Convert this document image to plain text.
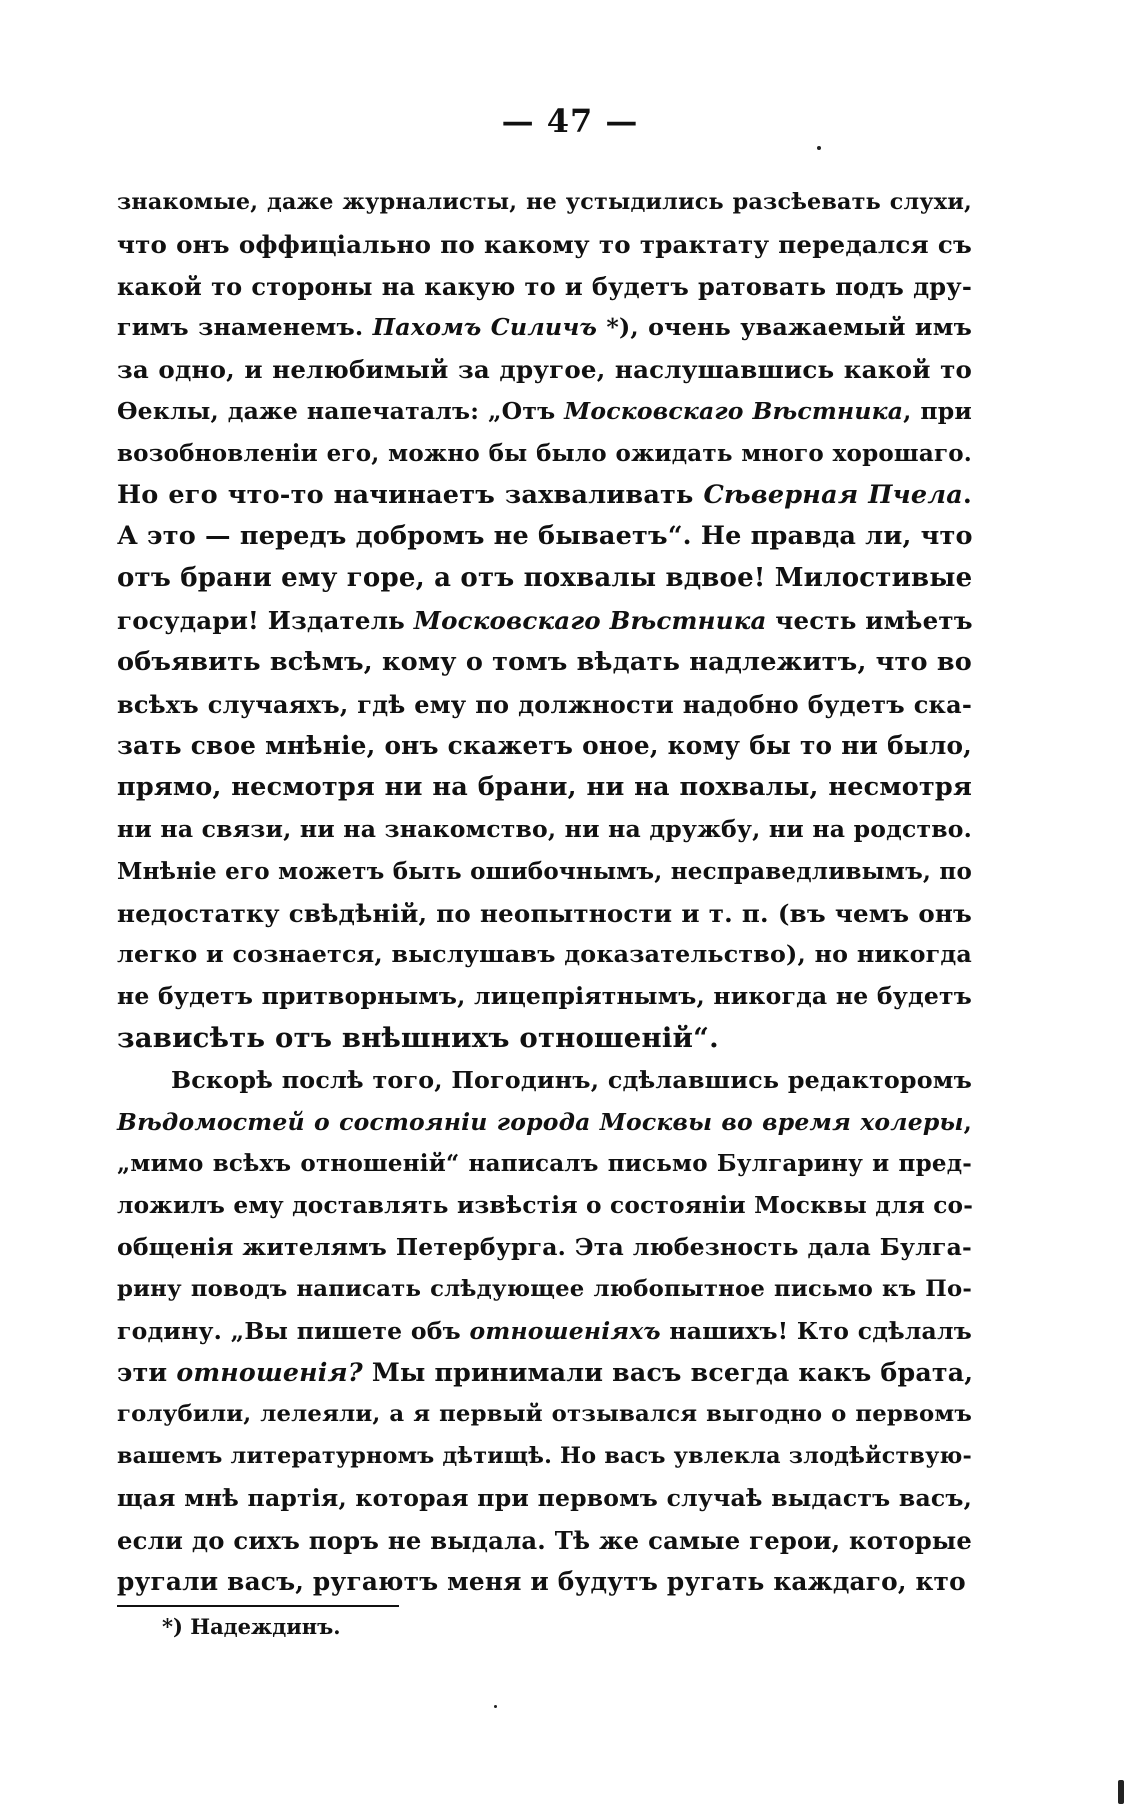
— 47 —
знакомые, даже журналисты, не устыдились разсѣевать слухи,
что онъ оффиціально по какому то трактату передался съ
какой то стороны на какую то и будетъ ратовать подъ дру-
гимъ знаменемъ. Пахомъ Силичъ *), очень уважаемый имъ
за одно, и нелюбимый за другое, наслушавшись какой то
Ѳеклы, даже напечаталъ: „Отъ Московскаго Вѣстника, при
возобновленіи его, можно бы было ожидать много хорошаго.
Но его что-то начинаетъ захваливать Сѣверная Пчела.
А это — передъ добромъ не бываетъ“. Не правда ли, что
отъ брани ему горе, а отъ похвалы вдвое! Милостивые
государи! Издатель Московскаго Вѣстника честь имѣетъ
объявить всѣмъ, кому о томъ вѣдать надлежитъ, что во
всѣхъ случаяхъ, гдѣ ему по должности надобно будетъ ска-
зать свое мнѣніе, онъ скажетъ оное, кому бы то ни было,
прямо, несмотря ни на брани, ни на похвалы, несмотря
ни на связи, ни на знакомство, ни на дружбу, ни на родство.
Мнѣніе его можетъ быть ошибочнымъ, несправедливымъ, по
недостатку свѣдѣній, по неопытности и т. п. (въ чемъ онъ
легко и сознается, выслушавъ доказательство), но никогда
не будетъ притворнымъ, лицепріятнымъ, никогда не будетъ
зависѣть отъ внѣшнихъ отношеній“.
Вскорѣ послѣ того, Погодинъ, сдѣлавшись редакторомъ
Вѣдомостей о состояніи города Москвы во время холеры,
„мимо всѣхъ отношеній“ написалъ письмо Булгарину и пред-
ложилъ ему доставлять извѣстія о состояніи Москвы для со-
общенія жителямъ Петербурга. Эта любезность дала Булга-
рину поводъ написать слѣдующее любопытное письмо къ По-
годину. „Вы пишете объ отношеніяхъ нашихъ! Кто сдѣлалъ
эти отношенія? Мы принимали васъ всегда какъ брата,
голубили, лелеяли, а я первый отзывался выгодно о первомъ
вашемъ литературномъ дѣтищѣ. Но васъ увлекла злодѣйствую-
щая мнѣ партія, которая при первомъ случаѣ выдастъ васъ,
если до сихъ поръ не выдала. Тѣ же самые герои, которые
ругали васъ, ругаютъ меня и будутъ ругать каждаго, кто
*) Надеждинъ.
